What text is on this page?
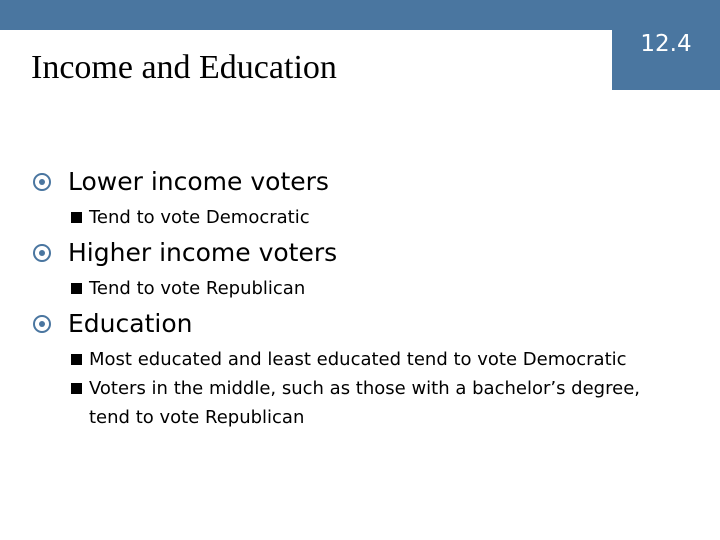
12.4
Income and Education
Lower income voters
Tend to vote Democratic
Higher income voters
Tend to vote Republican
Education
Most educated and least educated tend to vote Democratic
Voters in the middle, such as those with a bachelor’s degree, tend to vote Republican
